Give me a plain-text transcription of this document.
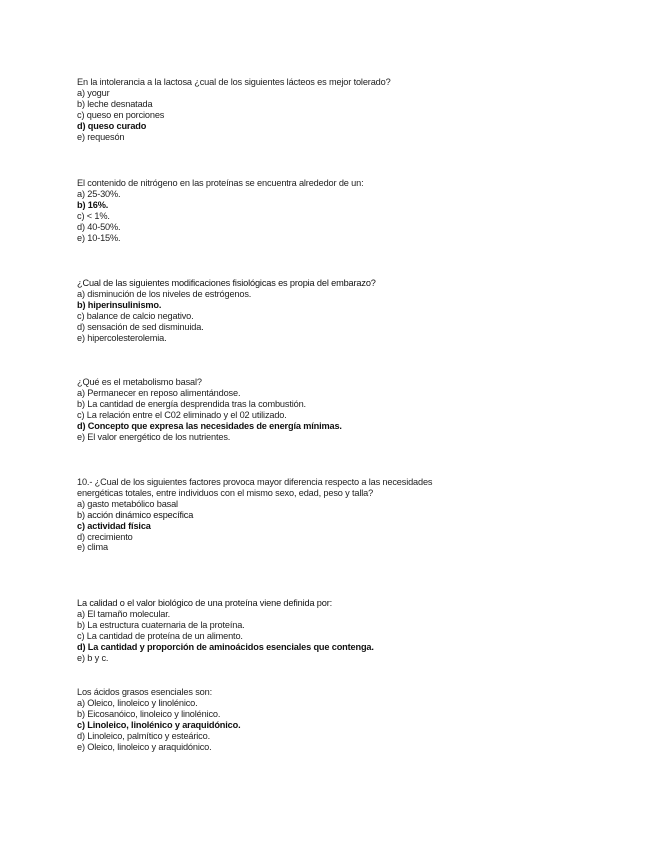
En la intolerancia a la lactosa ¿cual de los siguientes lácteos es mejor tolerado?

a) yogur

b) leche desnatada

c) queso en porciones

d) queso curado

e) requesón

El contenido de nitrógeno en las proteínas se encuentra alrededor de un:

a) 25-30%.

b) 16%.

c) < 1%.

d) 40-50%.

e) 10-15%.

¿Cual de las siguientes modificaciones fisiológicas es propia del embarazo?

a) disminución de los niveles de estrógenos.

b) hiperinsulinismo.

c) balance de calcio negativo.

d) sensación de sed disminuida.

e) hipercolesterolemia.

¿Qué es el metabolismo basal?

a) Permanecer en reposo alimentándose.

b) La cantidad de energía desprendida tras la combustión.

c) La relación entre el C02 eliminado y el 02 utilizado.

d) Concepto que expresa las necesidades de energía mínimas.

e) El valor energético de los nutrientes.

10.- ¿Cual de los siguientes factores provoca mayor diferencia respecto a las necesidades energéticas totales, entre individuos con el mismo sexo, edad, peso y talla?

a) gasto metabólico basal

b) acción dinámico específica

c) actividad física

d) crecimiento

e) clima

La calidad o el valor biológico de una proteína viene definida por:

a) El tamaño molecular.

b) La estructura cuaternaria de la proteína.

c) La cantidad de proteína de un alimento.

d) La cantidad y proporción de aminoácidos esenciales que contenga.

e) b y c.

Los ácidos grasos esenciales son:

a) Oleico, linoleico y linolénico.

b) Eicosanóico, linoleico y linolénico.

c) Linoleico, linolénico y araquidónico.

d) Linoleico, palmítico y esteárico.

e) Oleico, linoleico y araquidónico.
